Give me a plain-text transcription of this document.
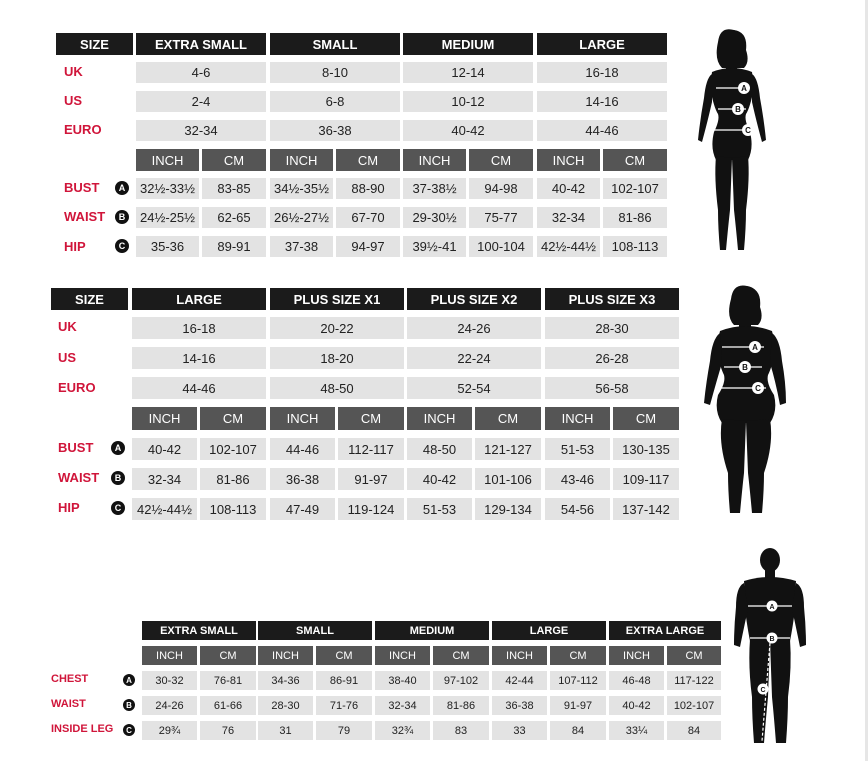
SIZE	EXTRA SMALL	SMALL	MEDIUM	LARGE
UK	4-6	8-10	12-14	16-18
US	2-4	6-8	10-12	14-16
EURO	32-34	36-38	40-42	44-46
INCH	CM	INCH	CM	INCH	CM	INCH	CM
BUST	A	32½-33½	83-85	34½-35½	88-90	37-38½	94-98	40-42	102-107
WAIST	B	24½-25½	62-65	26½-27½	67-70	29-30½	75-77	32-34	81-86
HIP	C	35-36	89-91	37-38	94-97	39½-41	100-104	42½-44½	108-113
A
B
C
SIZE	LARGE	PLUS SIZE X1	PLUS SIZE X2	PLUS SIZE X3
UK	16-18	20-22	24-26	28-30
US	14-16	18-20	22-24	26-28
EURO	44-46	48-50	52-54	56-58
INCH	CM	INCH	CM	INCH	CM	INCH	CM
BUST	A	40-42	102-107	44-46	112-117	48-50	121-127	51-53	130-135
WAIST	B	32-34	81-86	36-38	91-97	40-42	101-106	43-46	109-117
HIP	C	42½-44½	108-113	47-49	119-124	51-53	129-134	54-56	137-142
A
B
C
EXTRA SMALL	SMALL	MEDIUM	LARGE	EXTRA LARGE
INCH	CM	INCH	CM	INCH	CM	INCH	CM	INCH	CM
CHEST	A	30-32	76-81	34-36	86-91	38-40	97-102	42-44	107-112	46-48	117-122
WAIST	B	24-26	61-66	28-30	71-76	32-34	81-86	36-38	91-97	40-42	102-107
INSIDE LEG	C	29¾	76	31	79	32¾	83	33	84	33¼	84
A
B
C
